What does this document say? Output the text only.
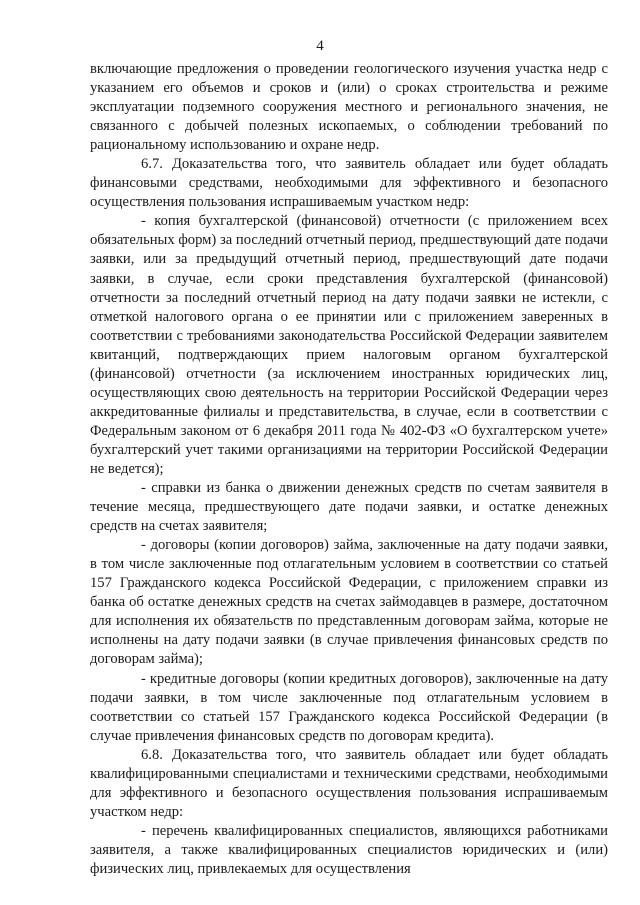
4

включающие предложения о проведении геологического изучения участка недр с указанием его объемов и сроков и (или) о сроках строительства и режиме эксплуатации подземного сооружения местного и регионального значения, не связанного с добычей полезных ископаемых, о соблюдении требований по рациональному использованию и охране недр.

6.7. Доказательства того, что заявитель обладает или будет обладать финансовыми средствами, необходимыми для эффективного и безопасного осуществления пользования испрашиваемым участком недр:

- копия бухгалтерской (финансовой) отчетности (с приложением всех обязательных форм) за последний отчетный период, предшествующий дате подачи заявки, или за предыдущий отчетный период, предшествующий дате подачи заявки, в случае, если сроки представления бухгалтерской (финансовой) отчетности за последний отчетный период на дату подачи заявки не истекли, с отметкой налогового органа о ее принятии или с приложением заверенных в соответствии с требованиями законодательства Российской Федерации заявителем квитанций, подтверждающих прием налоговым органом бухгалтерской (финансовой) отчетности (за исключением иностранных юридических лиц, осуществляющих свою деятельность на территории Российской Федерации через аккредитованные филиалы и представительства, в случае, если в соответствии с Федеральным законом от 6 декабря 2011 года № 402-ФЗ «О бухгалтерском учете» бухгалтерский учет такими организациями на территории Российской Федерации не ведется);

- справки из банка о движении денежных средств по счетам заявителя в течение месяца, предшествующего дате подачи заявки, и остатке денежных средств на счетах заявителя;

- договоры (копии договоров) займа, заключенные на дату подачи заявки, в том числе заключенные под отлагательным условием в соответствии со статьей 157 Гражданского кодекса Российской Федерации, с приложением справки из банка об остатке денежных средств на счетах займодавцев в размере, достаточном для исполнения их обязательств по представленным договорам займа, которые не исполнены на дату подачи заявки (в случае привлечения финансовых средств по договорам займа);

- кредитные договоры (копии кредитных договоров), заключенные на дату подачи заявки, в том числе заключенные под отлагательным условием в соответствии со статьей 157 Гражданского кодекса Российской Федерации (в случае привлечения финансовых средств по договорам кредита).

6.8. Доказательства того, что заявитель обладает или будет обладать квалифицированными специалистами и техническими средствами, необходимыми для эффективного и безопасного осуществления пользования испрашиваемым участком недр:

- перечень квалифицированных специалистов, являющихся работниками заявителя, а также квалифицированных специалистов юридических и (или) физических лиц, привлекаемых для осуществления
